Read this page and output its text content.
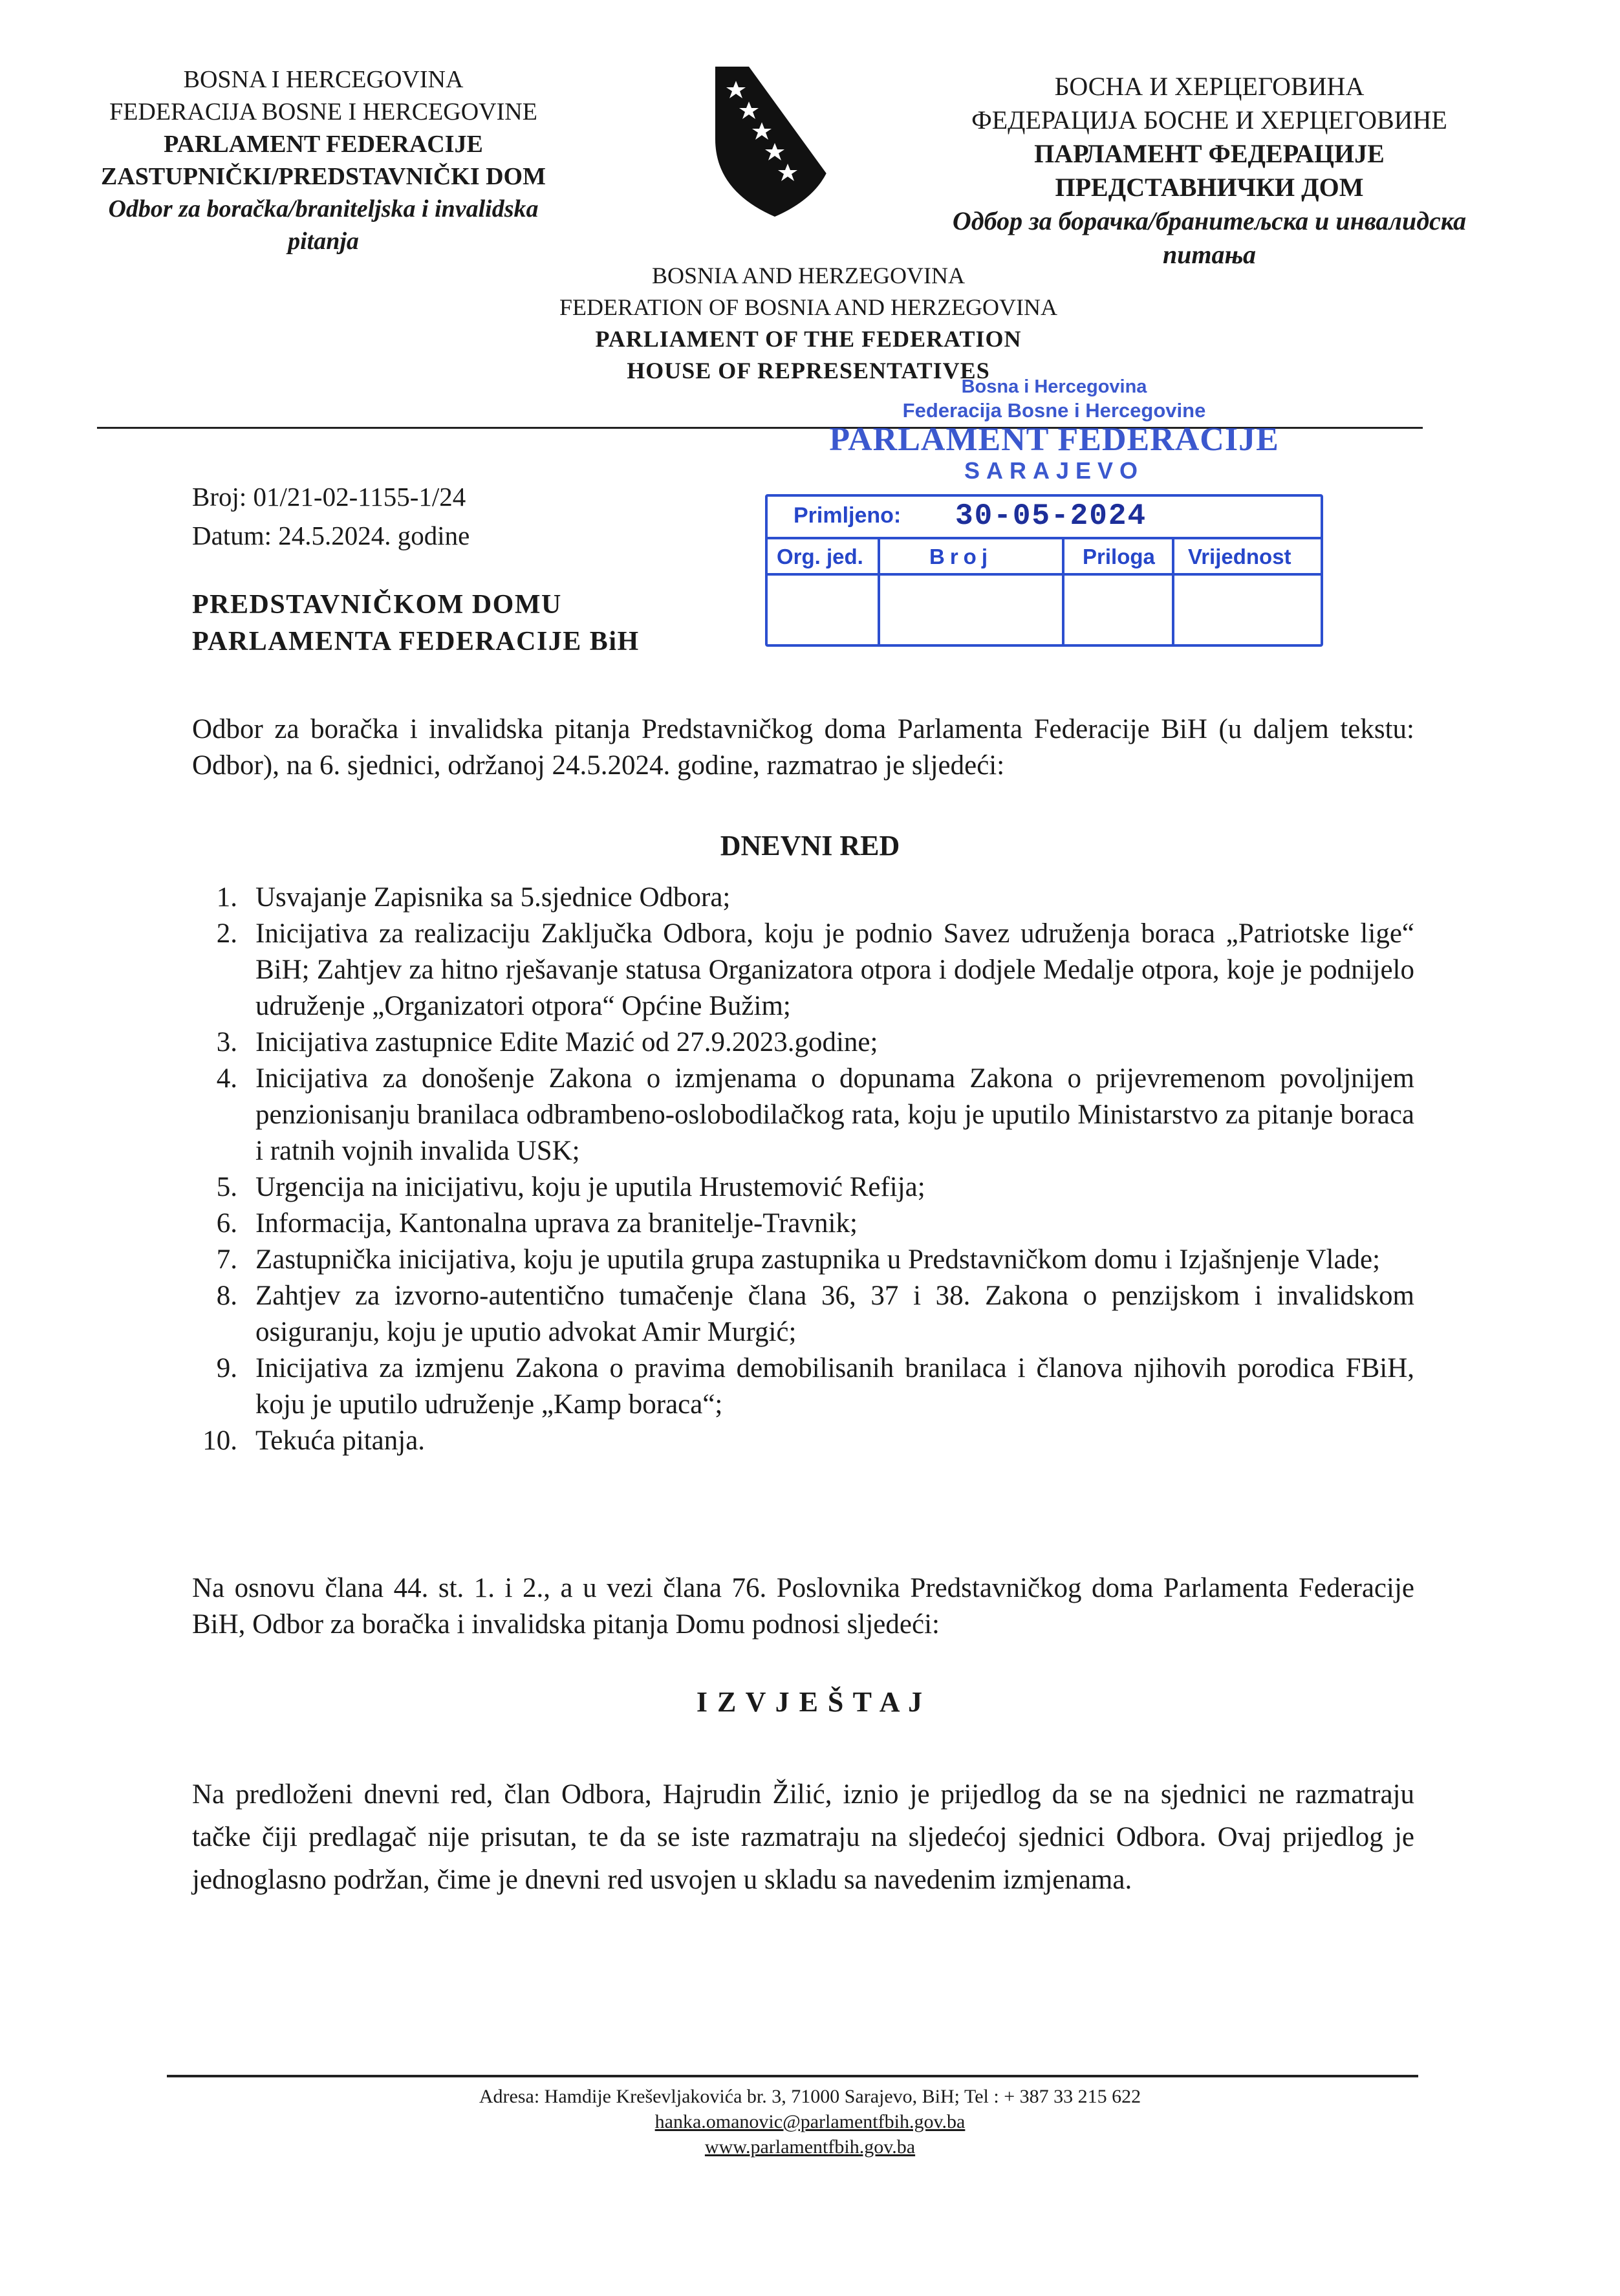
BOSNA I HERCEGOVINA
FEDERACIJA BOSNE I HERCEGOVINE
PARLAMENT FEDERACIJE
ZASTUPNIČKI/PREDSTAVNIČKI DOM
Odbor za boračka/braniteljska i invalidska
pitanja
БОСНА И ХЕРЦЕГОВИНА
ФЕДЕРАЦИЈА БОСНЕ И ХЕРЦЕГОВИНЕ
ПАРЛАМЕНТ ФЕДЕРАЦИЈЕ
ПРЕДСТАВНИЧКИ ДОМ
Одбор за борачка/бранитељска и инвалидска
питања
BOSNIA AND HERZEGOVINA
FEDERATION OF BOSNIA AND HERZEGOVINA
PARLIAMENT OF THE FEDERATION
HOUSE OF REPRESENTATIVES
Bosna i Hercegovina
Federacija Bosne i Hercegovine
PARLAMENT FEDERACIJE
SARAJEVO
Primljeno: 30-05-2024
Org. jed.	Broj	Priloga Vrijednost
Broj: 01/21-02-1155-1/24
Datum: 24.5.2024. godine
PREDSTAVNIČKOM DOMU
PARLAMENTA FEDERACIJE BiH
Odbor za boračka i invalidska pitanja Predstavničkog doma Parlamenta Federacije BiH (u daljem tekstu: Odbor), na 6. sjednici, održanoj 24.5.2024. godine, razmatrao je sljedeći:
DNEVNI RED
1. Usvajanje Zapisnika sa 5.sjednice Odbora;
2. Inicijativa za realizaciju Zaključka Odbora, koju je podnio Savez udruženja boraca „Patriotske lige“ BiH; Zahtjev za hitno rješavanje statusa Organizatora otpora i dodjele Medalje otpora, koje je podnijelo udruženje „Organizatori otpora“ Općine Bužim;
3. Inicijativa zastupnice Edite Mazić od 27.9.2023.godine;
4. Inicijativa za donošenje Zakona o izmjenama o dopunama Zakona o prijevremenom povoljnijem penzionisanju branilaca odbrambeno-oslobodilačkog rata, koju je uputilo Ministarstvo za pitanje boraca i ratnih vojnih invalida USK;
5. Urgencija na inicijativu, koju je uputila Hrustemović Refija;
6. Informacija, Kantonalna uprava za branitelje-Travnik;
7. Zastupnička inicijativa, koju je uputila grupa zastupnika u Predstavničkom domu i Izjašnjenje Vlade;
8. Zahtjev za izvorno-autentično tumačenje člana 36, 37 i 38. Zakona o penzijskom i invalidskom osiguranju, koju je uputio advokat Amir Murgić;
9. Inicijativa za izmjenu Zakona o pravima demobilisanih branilaca i članova njihovih porodica FBiH, koju je uputilo udruženje „Kamp boraca“;
10. Tekuća pitanja.
Na osnovu člana 44. st. 1. i 2., a u vezi člana 76. Poslovnika Predstavničkog doma Parlamenta Federacije BiH, Odbor za boračka i invalidska pitanja Domu podnosi sljedeći:
I Z V J E Š T A J
Na predloženi dnevni red, član Odbora, Hajrudin Žilić, iznio je prijedlog da se na sjednici ne razmatraju tačke čiji predlagač nije prisutan, te da se iste razmatraju na sljedećoj sjednici Odbora. Ovaj prijedlog je jednoglasno podržan, čime je dnevni red usvojen u skladu sa navedenim izmjenama.
Adresa: Hamdije Kreševljakovića br. 3, 71000 Sarajevo, BiH; Tel : + 387 33 215 622
hanka.omanovic@parlamentfbih.gov.ba
www.parlamentfbih.gov.ba
